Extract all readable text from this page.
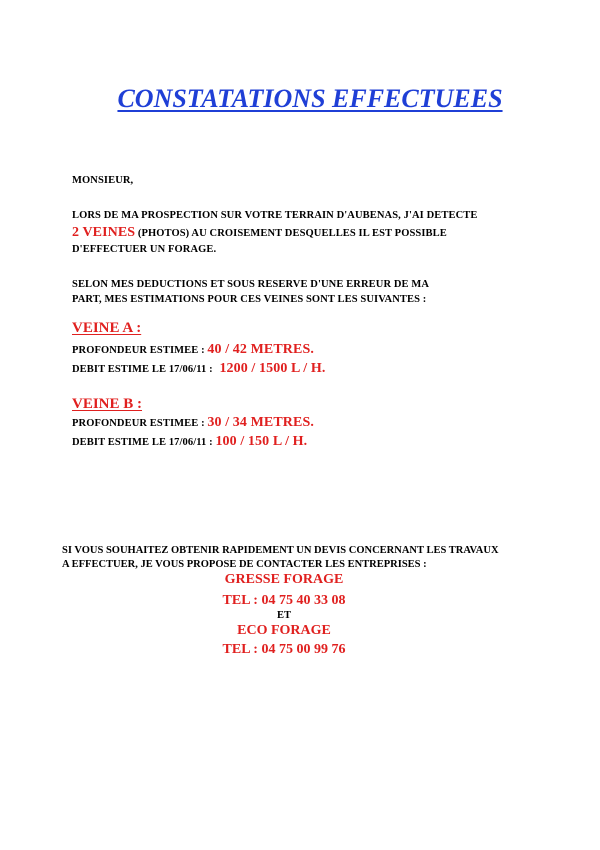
CONSTATATIONS EFFECTUEES
MONSIEUR,
LORS DE MA PROSPECTION SUR VOTRE TERRAIN D'AUBENAS, J'AI DETECTE
2 VEINES (PHOTOS) AU CROISEMENT DESQUELLES IL EST POSSIBLE
D'EFFECTUER UN FORAGE.
SELON MES DEDUCTIONS ET SOUS RESERVE D'UNE ERREUR DE MA
PART, MES ESTIMATIONS POUR CES VEINES SONT LES SUIVANTES :
VEINE A :
PROFONDEUR ESTIMEE : 40 / 42 METRES.
DEBIT ESTIME LE 17/06/11 : 1200 / 1500 L / H.
VEINE B :
PROFONDEUR ESTIMEE : 30 / 34 METRES.
DEBIT ESTIME LE 17/06/11 : 100 / 150 L / H.
SI VOUS SOUHAITEZ OBTENIR RAPIDEMENT UN DEVIS CONCERNANT LES TRAVAUX
A EFFECTUER, JE VOUS PROPOSE DE CONTACTER LES ENTREPRISES :
GRESSE FORAGE
TEL : 04 75 40 33 08
ET
ECO FORAGE
TEL : 04 75 00 99 76
